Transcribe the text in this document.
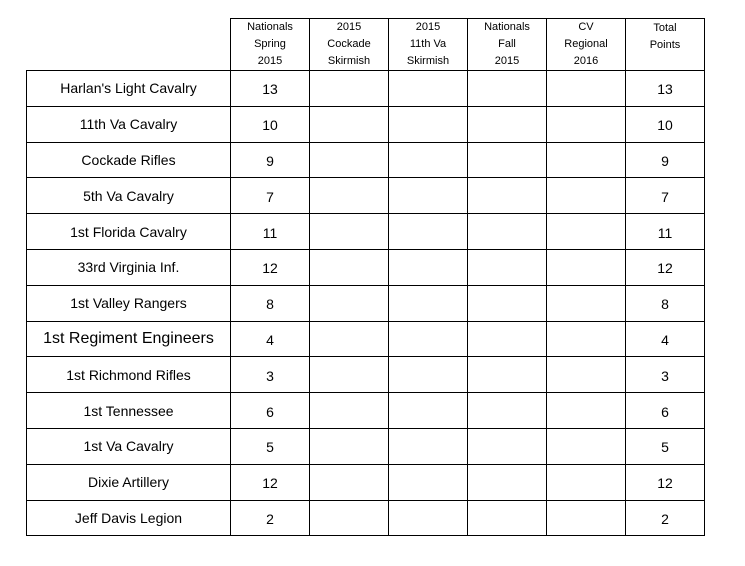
	Nationals
Spring
2015	2015
Cockade
Skirmish	2015
11th Va
Skirmish	Nationals
Fall
2015	CV
Regional
2016	Total
Points

Harlan's Light Cavalry	13					13
11th Va Cavalry	10					10
Cockade Rifles	9					9
5th Va Cavalry	7					7
1st Florida Cavalry	11					11
33rd Virginia Inf.	12					12
1st Valley Rangers	8					8
1st Regiment Engineers	4					4
1st Richmond Rifles	3					3
1st Tennessee	6					6
1st Va Cavalry	5					5
Dixie Artillery	12					12
Jeff Davis Legion	2					2
